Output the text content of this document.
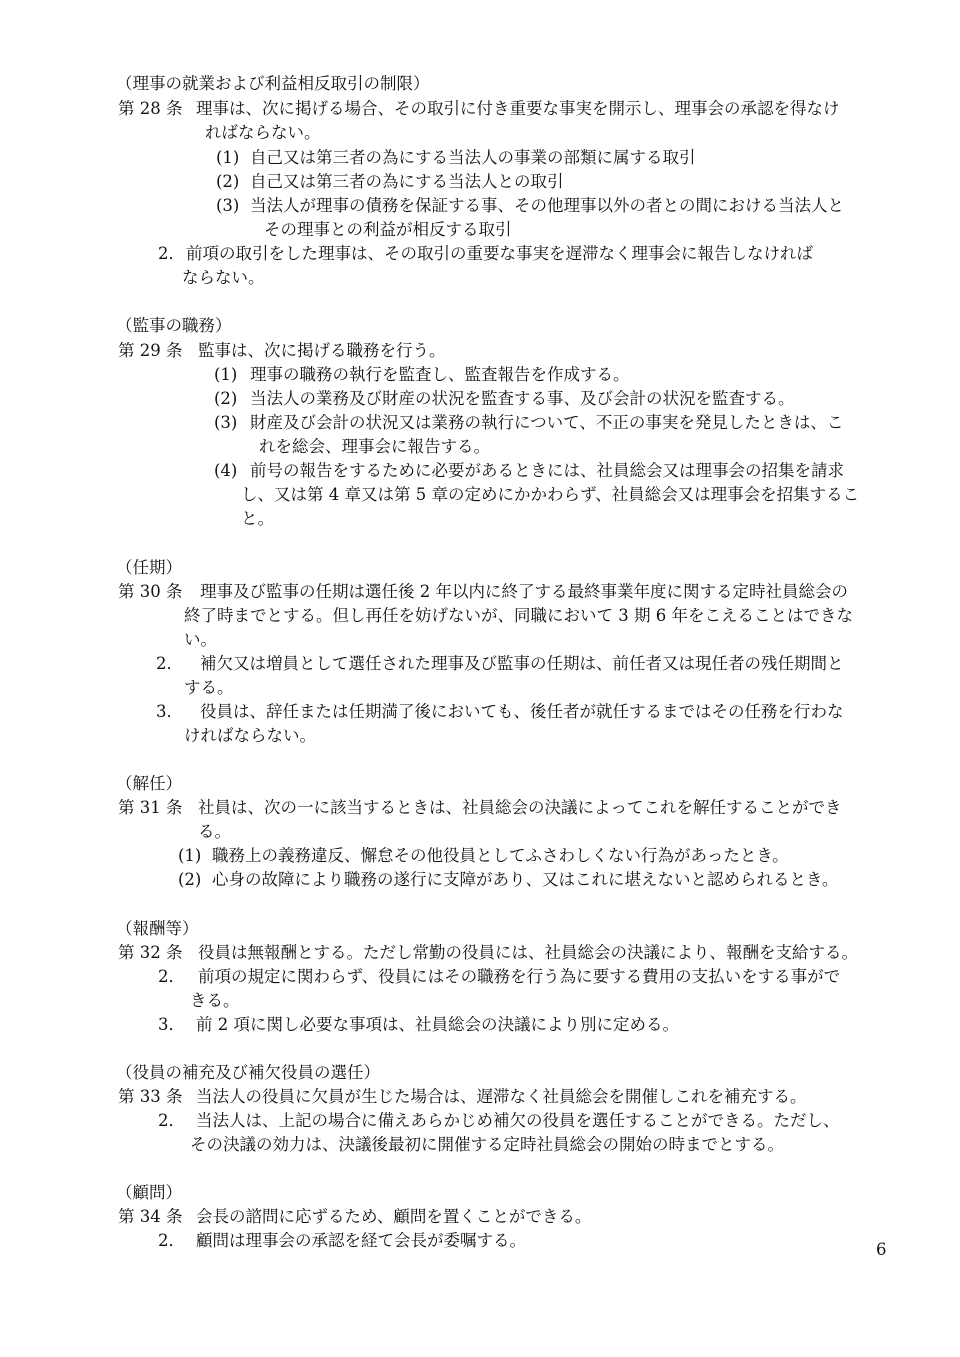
（理事の就業および利益相反取引の制限）
第 28 条 理事は、次に掲げる場合、その取引に付き重要な事実を開示し、理事会の承認を得なけ
ればならない。
(1) 自己又は第三者の為にする当法人の事業の部類に属する取引
(2) 自己又は第三者の為にする当法人との取引
(3) 当法人が理事の債務を保証する事、その他理事以外の者との間における当法人と
その理事との利益が相反する取引
2． 前項の取引をした理事は、その取引の重要な事実を遅滞なく理事会に報告しなければ
ならない。
（監事の職務）
第 29 条 監事は、次に掲げる職務を行う。
(1) 理事の職務の執行を監査し、監査報告を作成する。
(2) 当法人の業務及び財産の状況を監査する事、及び会計の状況を監査する。
(3) 財産及び会計の状況又は業務の執行について、不正の事実を発見したときは、こ
れを総会、理事会に報告する。
(4) 前号の報告をするために必要があるときには、社員総会又は理事会の招集を請求
し、又は第 4 章又は第 5 章の定めにかかわらず、社員総会又は理事会を招集するこ
と。
（任期）
第 30 条 理事及び監事の任期は選任後 2 年以内に終了する最終事業年度に関する定時社員総会の
終了時までとする。但し再任を妨げないが、同職において 3 期 6 年をこえることはできな
い。
2． 補欠又は増員として選任された理事及び監事の任期は、前任者又は現任者の残任期間と
する。
3． 役員は、辞任または任期満了後においても、後任者が就任するまではその任務を行わな
ければならない。
（解任）
第 31 条 社員は、次の一に該当するときは、社員総会の決議によってこれを解任することができ
る。
(1) 職務上の義務違反、懈怠その他役員としてふさわしくない行為があったとき。
(2) 心身の故障により職務の遂行に支障があり、又はこれに堪えないと認められるとき。
（報酬等）
第 32 条 役員は無報酬とする。ただし常勤の役員には、社員総会の決議により、報酬を支給する。
2． 前項の規定に関わらず、役員にはその職務を行う為に要する費用の支払いをする事がで
きる。
3． 前 2 項に関し必要な事項は、社員総会の決議により別に定める。
（役員の補充及び補欠役員の選任）
第 33 条 当法人の役員に欠員が生じた場合は、遅滞なく社員総会を開催しこれを補充する。
2． 当法人は、上記の場合に備えあらかじめ補欠の役員を選任することができる。ただし、
その決議の効力は、決議後最初に開催する定時社員総会の開始の時までとする。
（顧問）
第 34 条 会長の諮問に応ずるため、顧問を置くことができる。
2． 顧問は理事会の承認を経て会長が委嘱する。	6
